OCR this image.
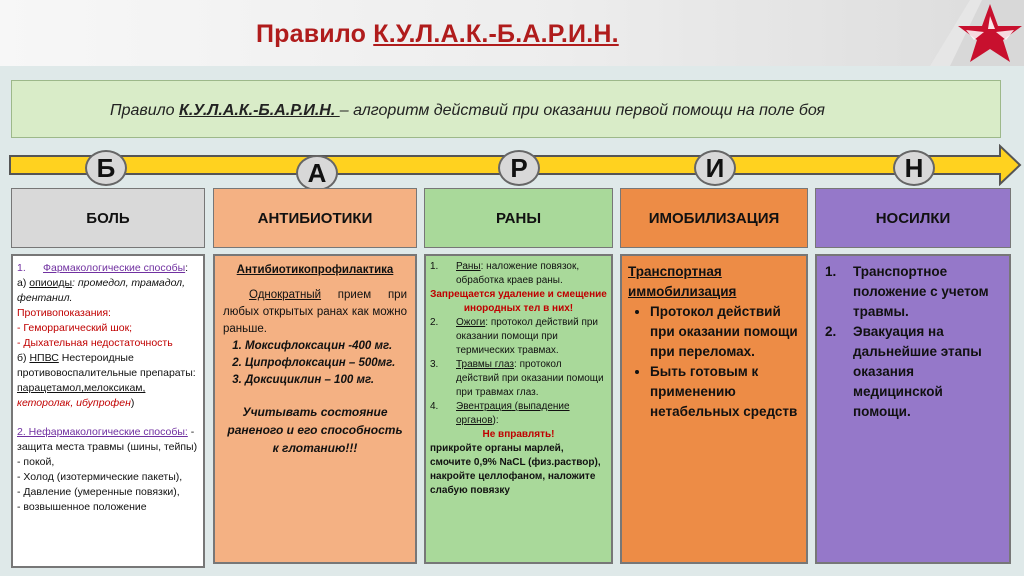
Правило К.У.Л.А.К.-Б.А.Р.И.Н.
Правило К.У.Л.А.К.-Б.А.Р.И.Н. – алгоритм действий при оказании первой помощи на поле боя
Б	А	Р	И	Н
БОЛЬ	АНТИБИОТИКИ	РАНЫ	ИМОБИЛИЗАЦИЯ	НОСИЛКИ
1.	Фармакологические способы:
а) опиоиды: промедол, трамадол, фентанил.
Противопоказания:
- Геморрагический шок;
- Дыхательная недостаточность
б) НПВС Нестероидные противовоспалительные препараты:
парацетамол,мелоксикам,
кеторолак, ибупрофен)
2. Нефармакологические способы: - защита места травмы (шины, тейпы)
- покой,
- Холод (изотермические пакеты),
- Давление (умеренные повязки),
- возвышенное положение
Антибиотикопрофилактика
Однократный прием при любых открытых ранах как можно раньше.
1. Моксифлоксацин -400 мг.
2. Ципрофлоксацин – 500мг.
3. Доксициклин – 100 мг.
Учитывать состояние раненого и его способность к глотанию!!!
1.	Раны: наложение повязок, обработка краев раны.
Запрещается удаление и смещение инородных тел в них!
2.	Ожоги: протокол действий при оказании помощи при термических травмах.
3.	Травмы глаз: протокол действий при оказании помощи при травмах глаз.
4.	Эвентрация (выпадение органов):
Не вправлять!
прикройте органы марлей, смочите 0,9% NaCL (физ.раствор), накройте целлофаном, наложите слабую повязку
Транспортная иммобилизация
• Протокол действий при оказании помощи при переломах.
• Быть готовым к применению нетабельных средств
1.	Транспортное положение с учетом травмы.
2.	Эвакуация на дальнейшие этапы оказания медицинской помощи.
